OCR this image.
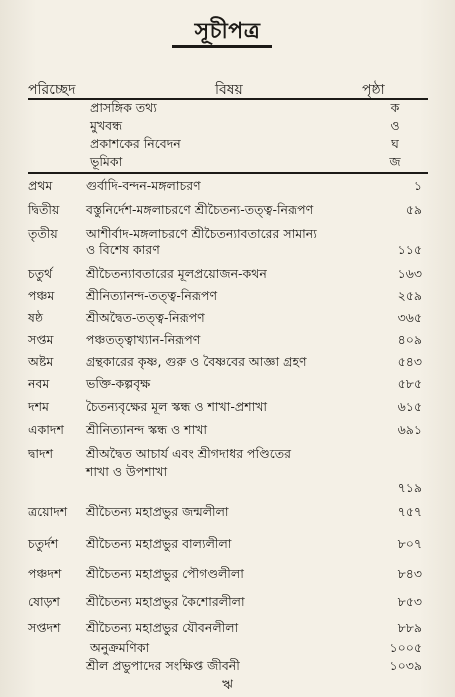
সূচীপত্র
পরিচ্ছেদ	বিষয়	পৃষ্ঠা
প্রাসঙ্গিক তথ্য	ক
মুখবন্ধ	ও
প্রকাশকের নিবেদন	ঘ
ভূমিকা	জ
প্রথম	গুর্বাদি-বন্দন-মঙ্গলাচরণ	১
দ্বিতীয় বস্তুনির্দেশ-মঙ্গলাচরণে শ্রীচৈতন্য-তত্ত্ব-নিরূপণ	৫৯
তৃতীয় আশীর্বাদ-মঙ্গলাচরণে শ্রীচৈতন্যাবতারের সামান্য
ও বিশেষ কারণ	১১৫
চতুর্থ	শ্রীচৈতন্যাবতারের মূলপ্রয়োজন-কথন	১৬৩
পঞ্চম	শ্রীনিত্যানন্দ-তত্ত্ব-নিরূপণ	২৫৯
ষষ্ঠ	শ্রীঅদ্বৈত-তত্ত্ব-নিরূপণ	৩৬৫
সপ্তম	পঞ্চতত্ত্বাখ্যান-নিরূপণ	৪০৯
অষ্টম	গ্রন্থকারের কৃষ্ণ, গুরু ও বৈষ্ণবের আজ্ঞা গ্রহণ	৫৪৩
নবম	ভক্তি-কল্পবৃক্ষ	৫৮৫
দশম	চৈতন্যবৃক্ষের মূল স্কন্ধ ও শাখা-প্রশাখা	৬১৫
একাদশ শ্রীনিত্যানন্দ স্কন্ধ ও শাখা	৬৯১
দ্বাদশ	শ্রীঅদ্বৈত আচার্য এবং শ্রীগদাধর পণ্ডিতের
শাখা ও উপশাখা
৭১৯
ত্রয়োদশ শ্রীচৈতন্য মহাপ্রভুর জন্মলীলা	৭৫৭
চতুর্দশ শ্রীচৈতন্য মহাপ্রভুর বাল্যলীলা	৮০৭
পঞ্চদশ শ্রীচৈতন্য মহাপ্রভুর পৌগণ্ডলীলা	৮৪৩
ষোড়শ শ্রীচৈতন্য মহাপ্রভুর কৈশোরলীলা	৮৫৩
সপ্তদশ শ্রীচৈতন্য মহাপ্রভুর যৌবনলীলা	৮৮৯
অনুক্রমণিকা	১০০৫
শ্রীল প্রভুপাদের সংক্ষিপ্ত জীবনী	১০৩৯
ঋ
